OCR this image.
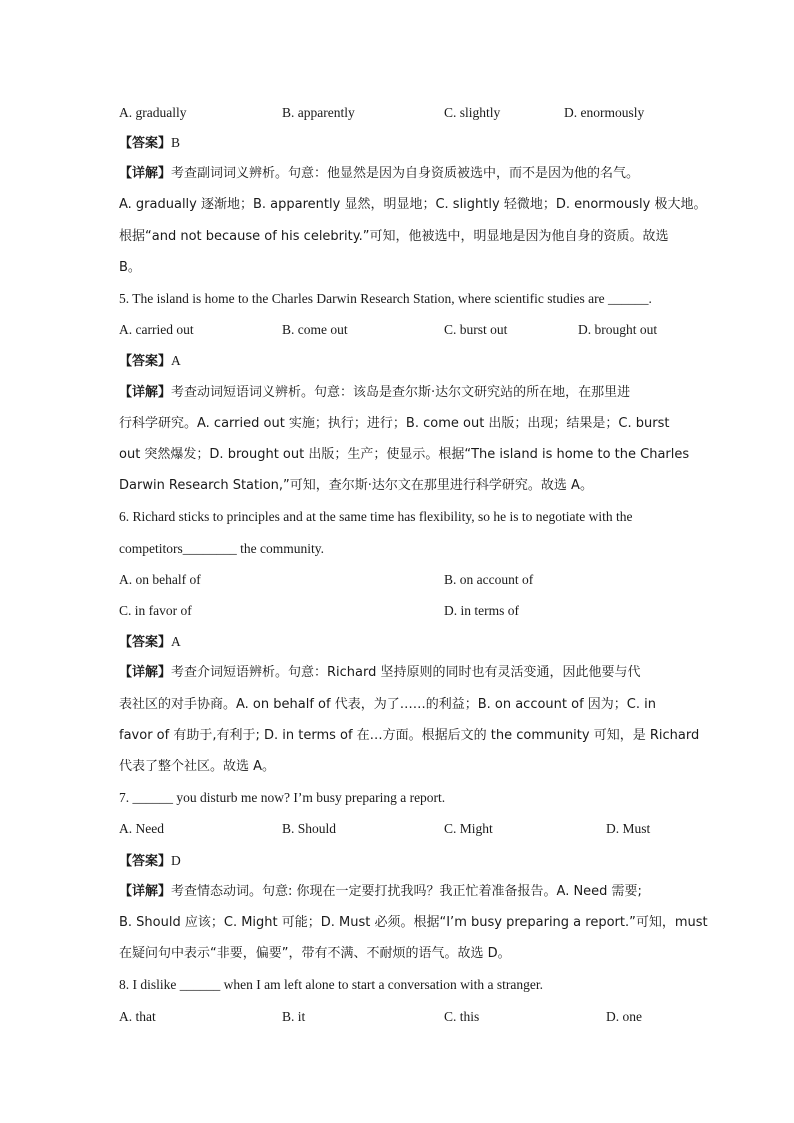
A. gradually	B. apparently	C. slightly	D. enormously
【答案】B
【详解】考查副词词义辨析。句意：他显然是因为自身资质被选中，而不是因为他的名气。
A. gradually 逐渐地；B. apparently 显然，明显地；C. slightly 轻微地；D. enormously 极大地。
根据“and not because of his celebrity.”可知，他被选中，明显地是因为他自身的资质。故选
B。
5. The island is home to the Charles Darwin Research Station, where scientific studies are ______.
A. carried out	B. come out	C. burst out	D. brought out
【答案】A
【详解】考查动词短语词义辨析。句意：该岛是查尔斯·达尔文研究站的所在地，在那里进
行科学研究。A. carried out 实施；执行；进行；B. come out 出版；出现；结果是；C. burst
out 突然爆发；D. brought out 出版；生产；使显示。根据“The island is home to the Charles
Darwin Research Station,”可知，查尔斯·达尔文在那里进行科学研究。故选 A。
6. Richard sticks to principles and at the same time has flexibility, so he is to negotiate with the
competitors________ the community.
A. on behalf of	B. on account of
C. in favor of	D. in terms of
【答案】A
【详解】考查介词短语辨析。句意：Richard 坚持原则的同时也有灵活变通，因此他要与代
表社区的对手协商。A. on behalf of 代表，为了……的利益；B. on account of 因为；C. in
favor of 有助于,有利于; D. in terms of 在…方面。根据后文的 the community 可知，是 Richard
代表了整个社区。故选 A。
7. ______ you disturb me now? I’m busy preparing a report.
A. Need	B. Should	C. Might	D. Must
【答案】D
【详解】考查情态动词。句意: 你现在一定要打扰我吗？我正忙着准备报告。A. Need 需要;
B. Should 应该；C. Might 可能；D. Must 必须。根据“I’m busy preparing a report.”可知，must
在疑问句中表示“非要，偏要”，带有不满、不耐烦的语气。故选 D。
8. I dislike ______ when I am left alone to start a conversation with a stranger.
A. that	B. it	C. this	D. one
